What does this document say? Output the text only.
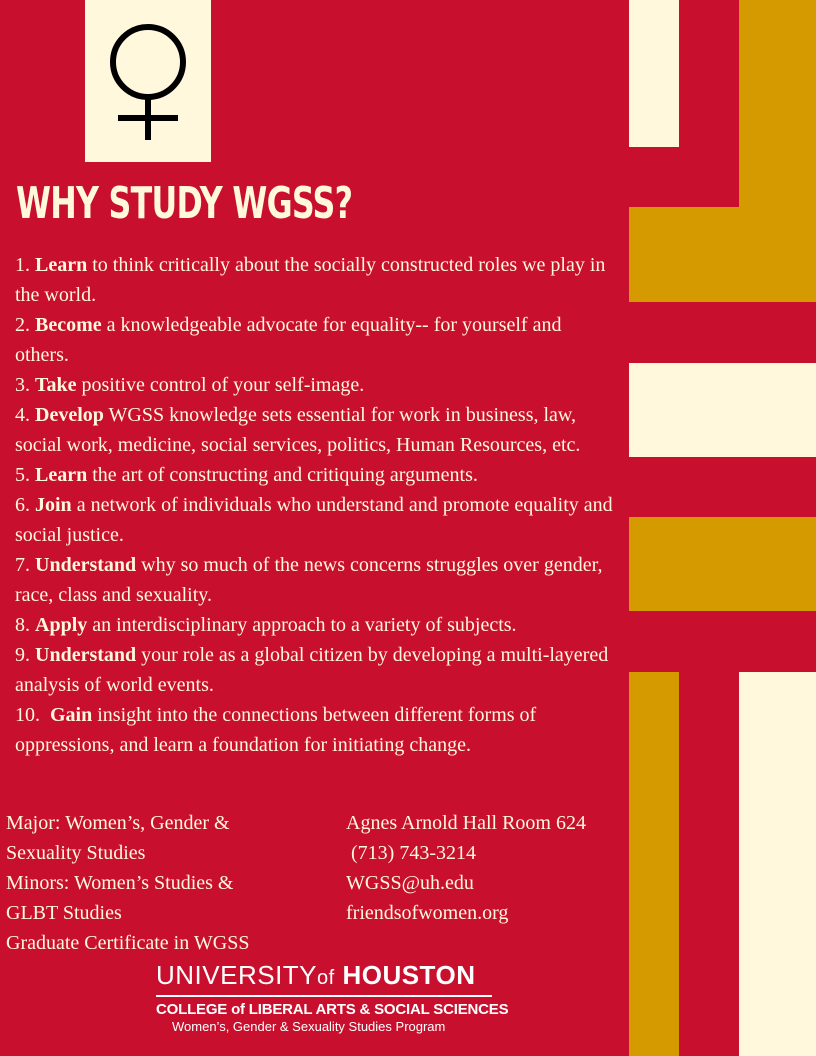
WHY STUDY WGSS?
1. Learn to think critically about the socially constructed roles we play in the world.
2. Become a knowledgeable advocate for equality-- for yourself and others.
3. Take positive control of your self-image.
4. Develop WGSS knowledge sets essential for work in business, law, social work, medicine, social services, politics, Human Resources, etc.
5. Learn the art of constructing and critiquing arguments.
6. Join a network of individuals who understand and promote equality and social justice.
7. Understand why so much of the news concerns struggles over gender, race, class and sexuality.
8. Apply an interdisciplinary approach to a variety of subjects.
9. Understand your role as a global citizen by developing a multi-layered analysis of world events.
10.  Gain insight into the connections between different forms of oppressions, and learn a foundation for initiating change.
Major: Women’s, Gender &
Sexuality Studies
Minors: Women’s Studies &
GLBT Studies
Graduate Certificate in WGSS
Agnes Arnold Hall Room 624
(713) 743-3214
WGSS@uh.edu
friendsofwomen.org
UNIVERSITYof HOUSTON
COLLEGE of LIBERAL ARTS & SOCIAL SCIENCES
Women’s, Gender & Sexuality Studies Program
